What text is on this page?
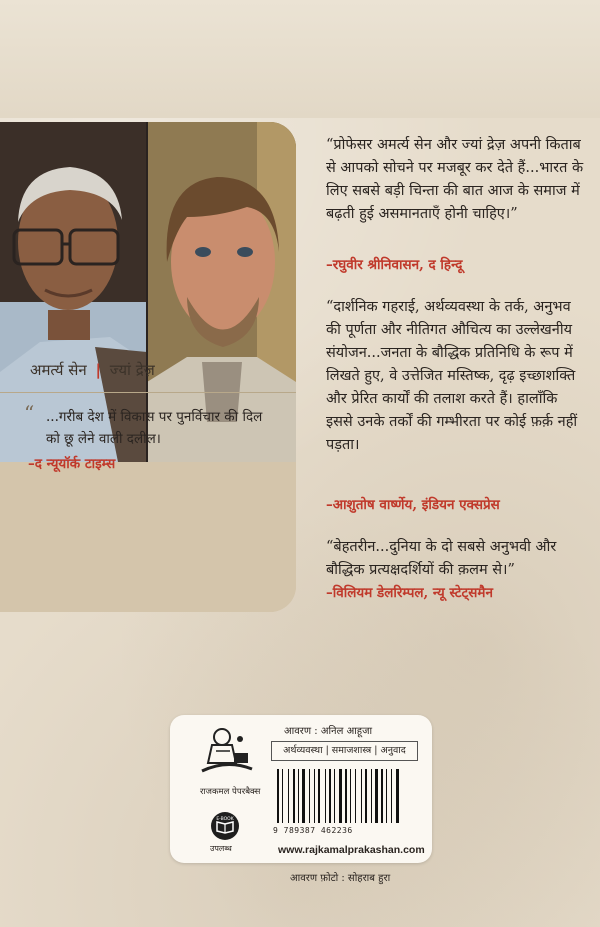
अमर्त्य सेन | ज्यां द्रेज़
“ ...गरीब देश में विकास पर पुनर्विचार की दिल को छू लेने वाली दलील।
–द न्यूयॉर्क टाइम्स
“प्रोफेसर अमर्त्य सेन और ज्यां द्रेज़ अपनी किताब से आपको सोचने पर मजबूर कर देते हैं...भारत के लिए सबसे बड़ी चिन्ता की बात आज के समाज में बढ़ती हुई असमानताएँ होनी चाहिए।”
–रघुवीर श्रीनिवासन, द हिन्दू
“दार्शनिक गहराई, अर्थव्यवस्था के तर्क, अनुभव की पूर्णता और नीतिगत औचित्य का उल्लेखनीय संयोजन...जनता के बौद्धिक प्रतिनिधि के रूप में लिखते हुए, वे उत्तेजित मस्तिष्क, दृढ़ इच्छाशक्ति और प्रेरित कार्यों की तलाश करते हैं। हालाँकि इससे उनके तर्कों की गम्भीरता पर कोई फ़र्क़ नहीं पड़ता।
–आशुतोष वार्ष्णेय, इंडियन एक्सप्रेस
“बेहतरीन...दुनिया के दो सबसे अनुभवी और बौद्धिक प्रत्यक्षदर्शियों की क़लम से।”
–विलियम डेलरिम्पल, न्यू स्टेट्समैन
राजकमल पेपरबैक्स
E-BOOK
उपलब्ध
आवरण : अनिल आहूजा
अर्थव्यवस्था | समाजशास्त्र | अनुवाद
9 789387 462236
www.rajkamalprakashan.com
आवरण फ़ोटो : सोहराब हुरा
